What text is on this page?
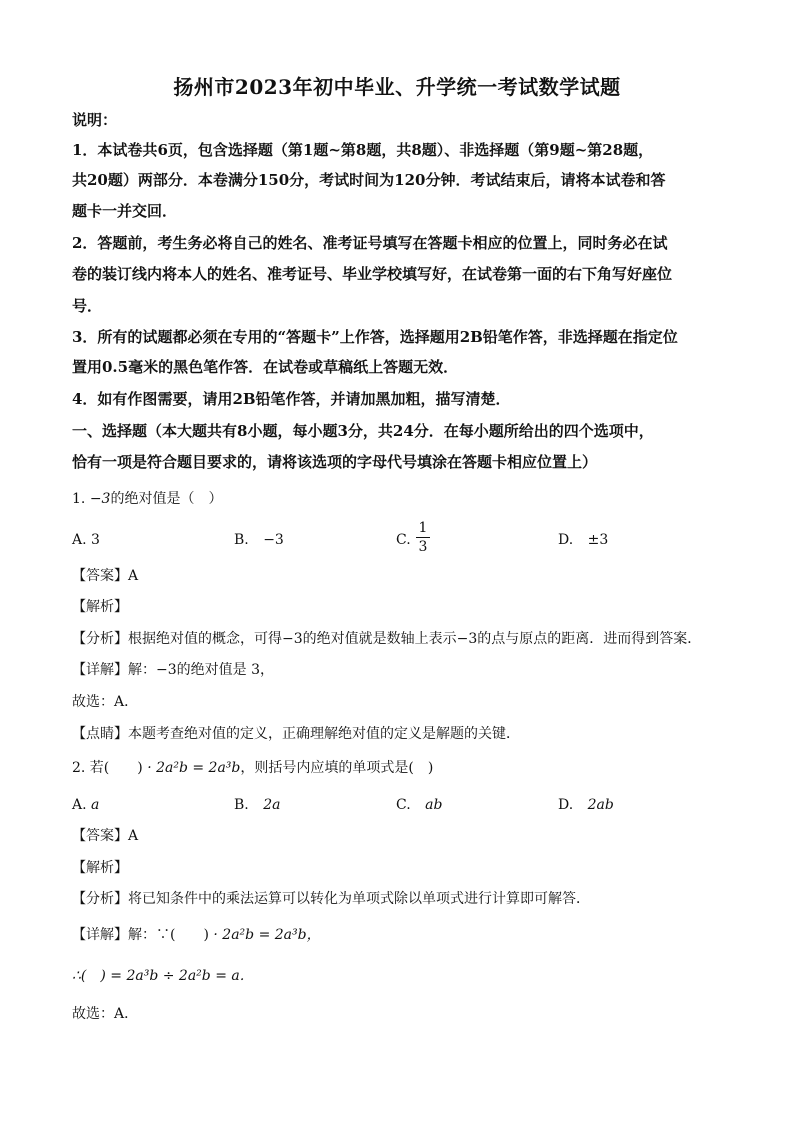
扬州市2023年初中毕业、升学统一考试数学试题
说明：
1．本试卷共6页，包含选择题（第1题~第8题，共8题）、非选择题（第9题~第28题，
共20题）两部分．本卷满分150分，考试时间为120分钟．考试结束后，请将本试卷和答
题卡一并交回．
2．答题前，考生务必将自己的姓名、准考证号填写在答题卡相应的位置上，同时务必在试
卷的装订线内将本人的姓名、准考证号、毕业学校填写好，在试卷第一面的右下角写好座位
号．
3．所有的试题都必须在专用的“答题卡”上作答，选择题用2B铅笔作答，非选择题在指定位
置用0.5毫米的黑色笔作答．在试卷或草稿纸上答题无效．
4．如有作图需要，请用2B铅笔作答，并请加黑加粗，描写清楚．
一、选择题（本大题共有8小题，每小题3分，共24分．在每小题所给出的四个选项中，
恰有一项是符合题目要求的，请将该选项的字母代号填涂在答题卡相应位置上）
1. −3的绝对值是（　）
A. 3	B. −3	C.
1
3	D. ±3
【答案】A
【解析】
【分析】根据绝对值的概念，可得−3的绝对值就是数轴上表示−3的点与原点的距离．进而得到答案．
【详解】解：−3的绝对值是 3，
故选：A．
【点睛】本题考查绝对值的定义，正确理解绝对值的定义是解题的关键．
2. 若(　　) · 2a²b = 2a³b，则括号内应填的单项式是(　)
A. a	B. 2a	C. ab	D. 2ab
【答案】A
【解析】
【分析】将已知条件中的乘法运算可以转化为单项式除以单项式进行计算即可解答．
【详解】解：∵(　　) · 2a²b = 2a³b，
∴(　) = 2a³b ÷ 2a²b = a．
故选：A．
